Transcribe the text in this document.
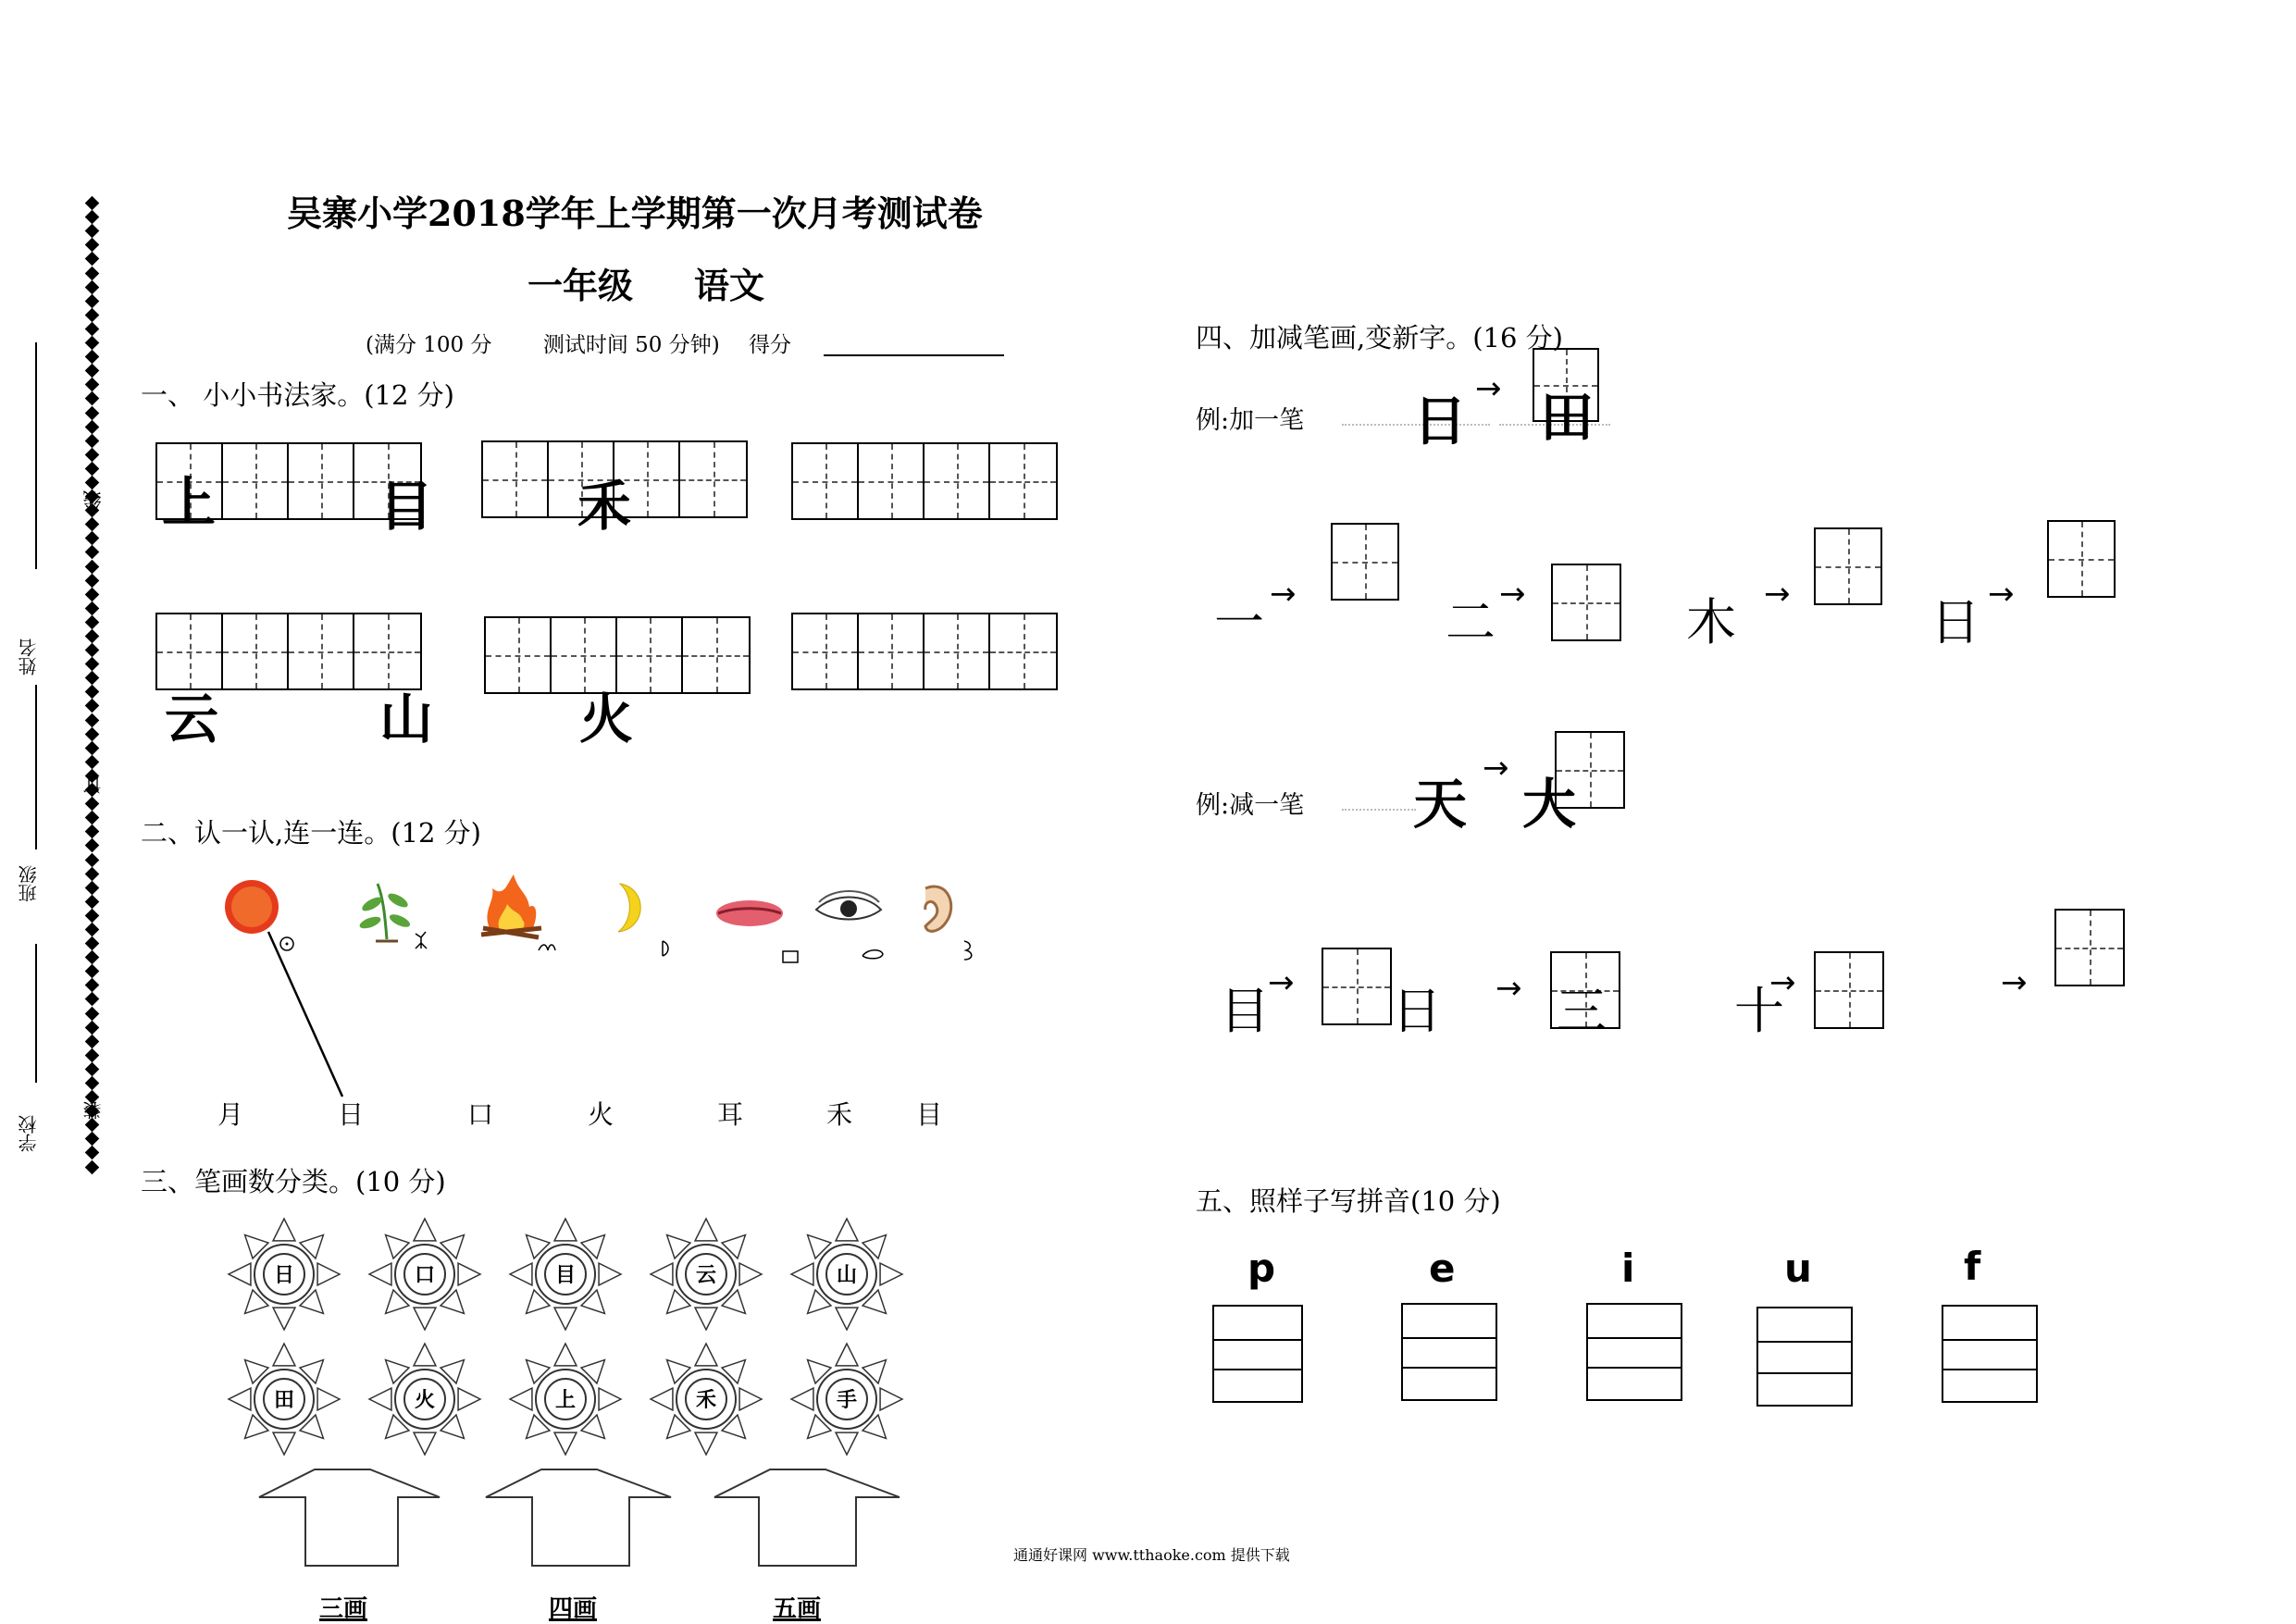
线
订
装
姓名
班级
学校
吴寨小学2018学年上学期第一次月考测试卷
一年级 语文
(满分 100 分 测试时间 50 分钟) 得分
一、 小小书法家。(12 分)
上	目	禾
云	山	火
二、认一认,连一连。(12 分)
月	日	口	火	耳	禾 目
三、笔画数分类。(10 分)
日	口	目	云	山
田	火	上	禾	手
三画	四画	五画
四、加减笔画,变新字。(16 分)
例:加一笔 日
→ 田
一 →	二 →	木 →	日 →
例:减一笔 天
→
大
目
→ 日 → 三	十
→	→
五、照样子写拼音(10 分)
p	e	i	u	f
通通好课网 www.tthaoke.com 提供下载
